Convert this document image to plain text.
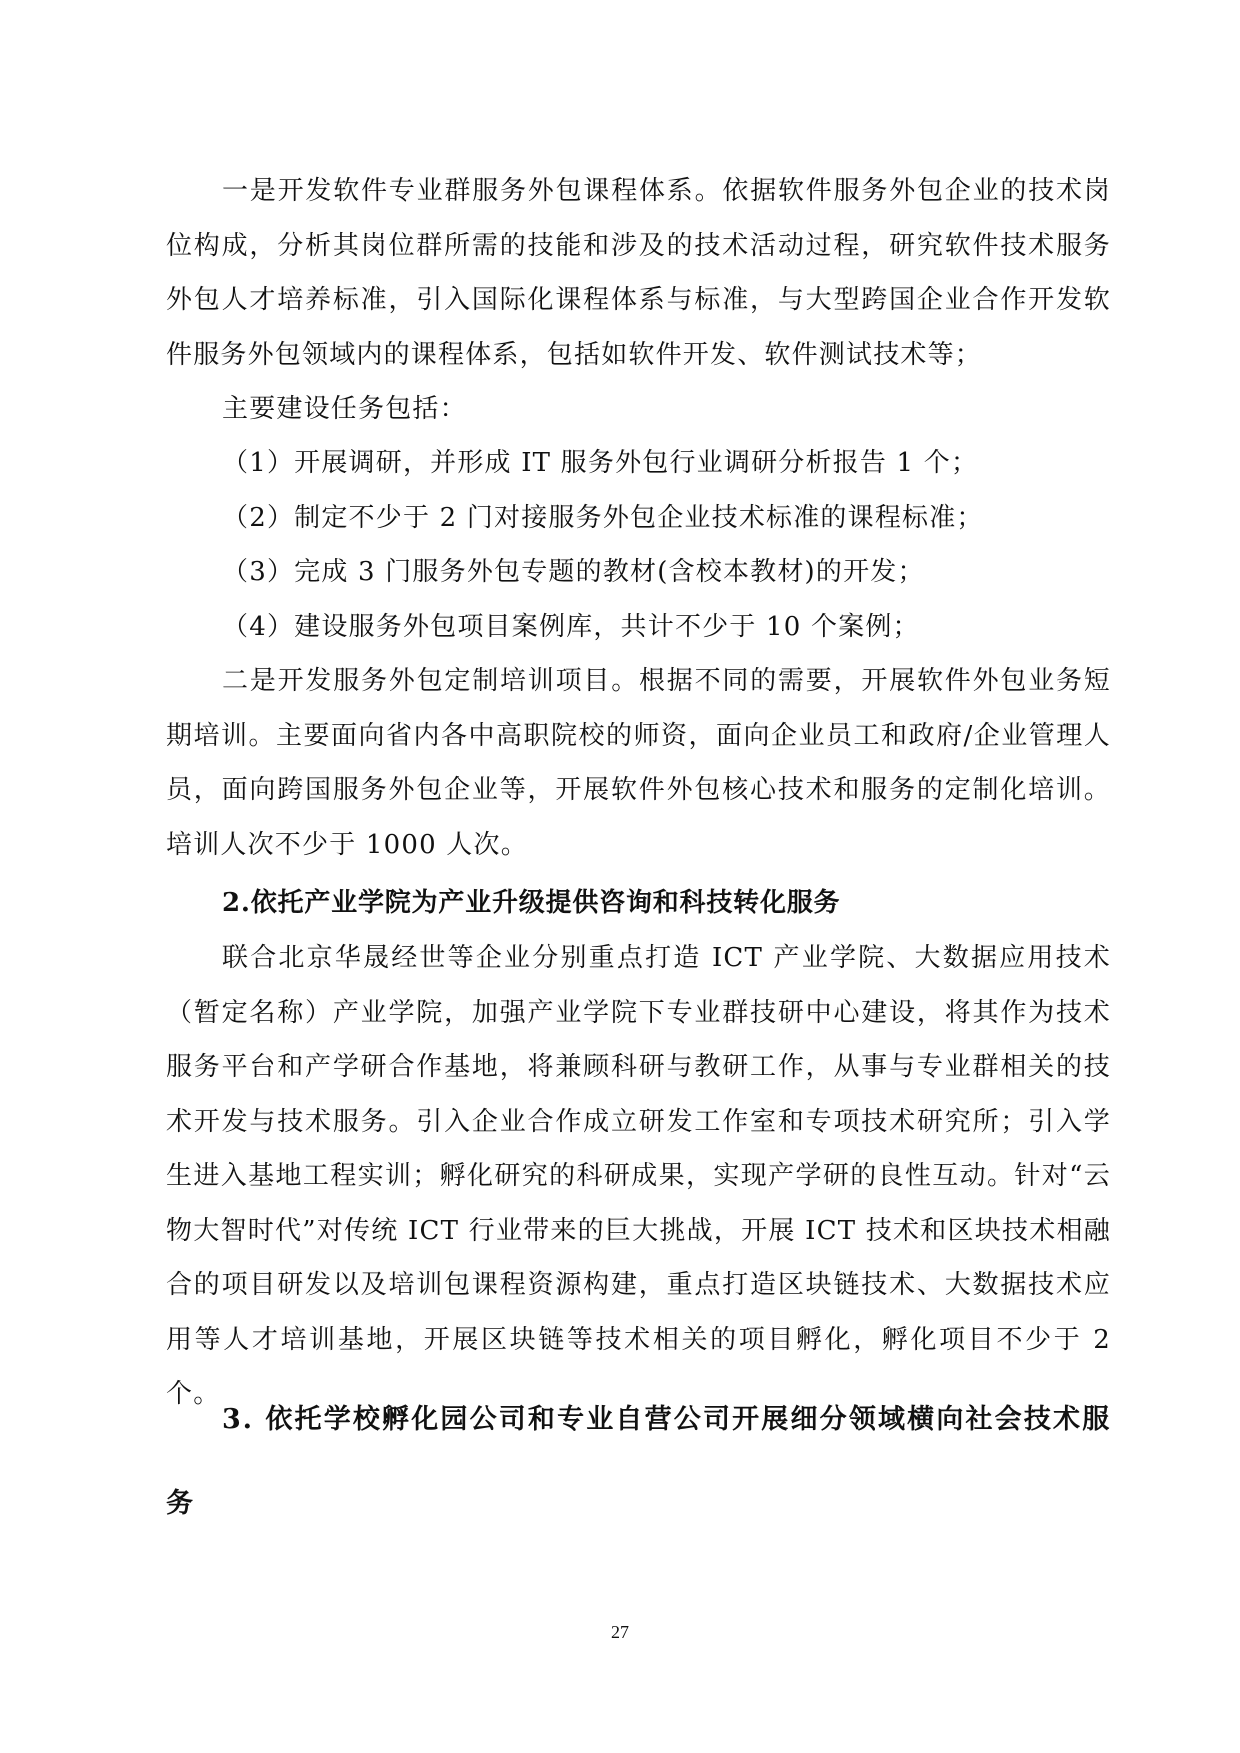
一是开发软件专业群服务外包课程体系。依据软件服务外包企业的技术岗位构成，分析其岗位群所需的技能和涉及的技术活动过程，研究软件技术服务外包人才培养标准，引入国际化课程体系与标准，与大型跨国企业合作开发软件服务外包领域内的课程体系，包括如软件开发、软件测试技术等；

主要建设任务包括：
（1）开展调研，并形成 IT 服务外包行业调研分析报告 1 个；
（2）制定不少于 2 门对接服务外包企业技术标准的课程标准；
（3）完成 3 门服务外包专题的教材(含校本教材)的开发；
（4）建设服务外包项目案例库，共计不少于 10 个案例；

二是开发服务外包定制培训项目。根据不同的需要，开展软件外包业务短期培训。主要面向省内各中高职院校的师资，面向企业员工和政府/企业管理人员，面向跨国服务外包企业等，开展软件外包核心技术和服务的定制化培训。培训人次不少于 1000 人次。

2.依托产业学院为产业升级提供咨询和科技转化服务

联合北京华晟经世等企业分别重点打造 ICT 产业学院、大数据应用技术（暂定名称）产业学院，加强产业学院下专业群技研中心建设，将其作为技术服务平台和产学研合作基地，将兼顾科研与教研工作，从事与专业群相关的技术开发与技术服务。引入企业合作成立研发工作室和专项技术研究所；引入学生进入基地工程实训；孵化研究的科研成果，实现产学研的良性互动。针对“云物大智时代”对传统 ICT 行业带来的巨大挑战，开展 ICT 技术和区块技术相融合的项目研发以及培训包课程资源构建，重点打造区块链技术、大数据技术应用等人才培训基地，开展区块链等技术相关的项目孵化，孵化项目不少于 2 个。

3. 依托学校孵化园公司和专业自营公司开展细分领域横向社会技术服务

27
